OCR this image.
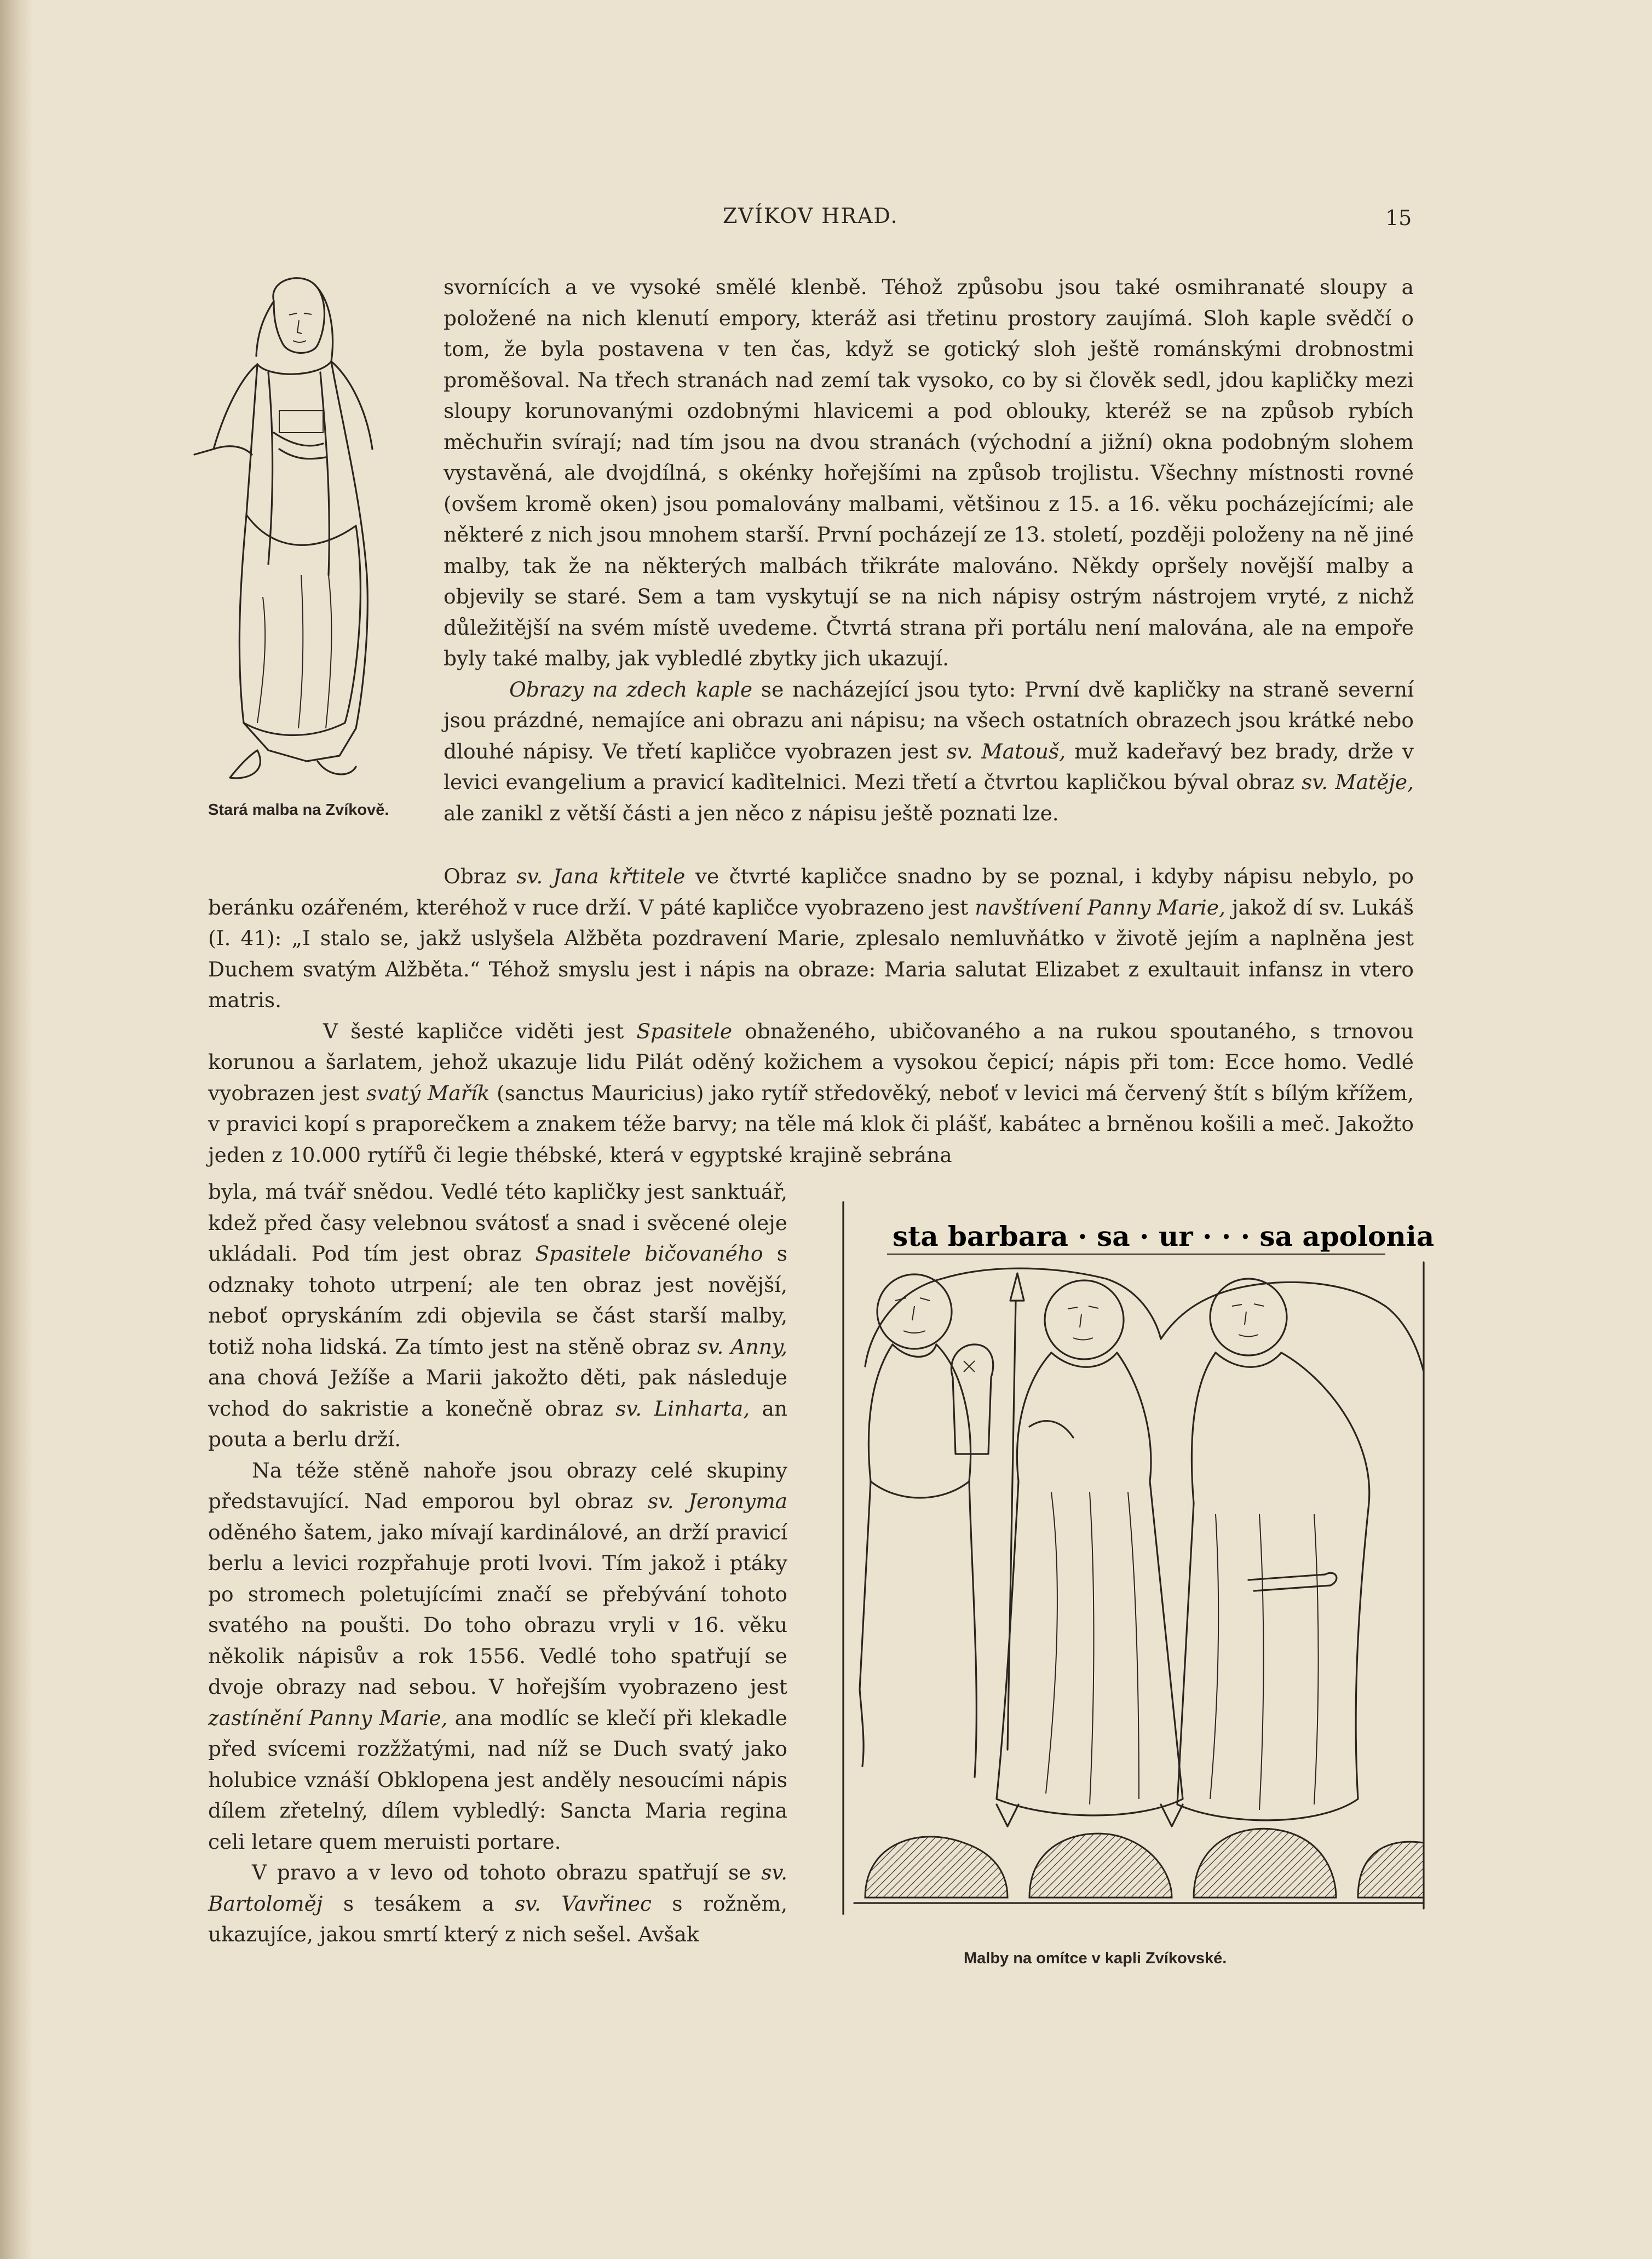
ZVÍKOV HRAD.	15
Stará malba na Zvíkově.

svornících a ve vysoké smělé klenbě. Téhož způsobu jsou také osmihranaté sloupy a položené na nich klenutí empory, kteráž asi třetinu prostory zaujímá. Sloh kaple svědčí o tom, že byla postavena v ten čas, když se gotický sloh ještě románskými drobnostmi proměšoval. Na třech stranách nad zemí tak vysoko, co by si člověk sedl, jdou kapličky mezi sloupy korunovanými ozdobnými hlavicemi a pod oblouky, kteréž se na způsob rybích měchuřin svírají; nad tím jsou na dvou stranách (východní a jižní) okna podobným slohem vystavěná, ale dvojdílná, s okénky hořejšími na způsob trojlistu. Všechny místnosti rovné (ovšem kromě oken) jsou pomalovány malbami, většinou z 15. a 16. věku pocházejícími; ale některé z nich jsou mnohem starší. První pocházejí ze 13. století, později položeny na ně jiné malby, tak že na některých malbách třikráte malováno. Někdy opršely novější malby a objevily se staré. Sem a tam vyskytují se na nich nápisy ostrým nástrojem vryté, z nichž důležitější na svém místě uvedeme. Čtvrtá strana při portálu není malována, ale na empoře byly také malby, jak vybledlé zbytky jich ukazují.

Obrazy na zdech kaple se nacházející jsou tyto: První dvě kapličky na straně severní jsou prázdné, nemajíce ani obrazu ani nápisu; na všech ostatních obrazech jsou krátké nebo dlouhé nápisy. Ve třetí kapličce vyobrazen jest sv. Matouš, muž kadeřavý bez brady, drže v levici evangelium a pravicí kadi̇̀telnici. Mezi třetí a čtvrtou kapličkou býval obraz sv. Matěje, ale zanikl z větší části a jen něco z nápisu ještě poznati lze.

Obraz sv. Jana křtitele ve čtvrté kapličce snadno by se poznal, i kdyby nápisu nebylo, po beránku ozářeném, kteréhož v ruce drží. V páté kapličce vyobrazeno jest navštívení Panny Marie, jakož dí sv. Lukáš (I. 41): „I stalo se, jakž uslyšela Alžběta pozdravení Marie, zplesalo nemluvňátko v životě jejím a naplněna jest Duchem svatým Alžběta.“ Téhož smyslu jest i nápis na obraze: Maria salutat Elizabet z exultauit infansz in vtero matris.

V šesté kapličce viděti jest Spasitele obnaženého, ubičovaného a na rukou spoutaného, s trnovou korunou a šarlatem, jehož ukazuje lidu Pilát oděný kožichem a vysokou čepicí; nápis při tom: Ecce homo. Vedlé vyobrazen jest svatý Mařík (sanctus Mauricius) jako rytíř středověký, neboť v levici má červený štít s bílým křížem, v pravici kopí s praporečkem a znakem téže barvy; na těle má klok či plášť, kabátec a brněnou košili a meč. Jakožto jeden z 10.000 rytířů či legie thébské, která v egyptské krajině sebrána

byla, má tvář snědou. Vedlé této kapličky jest sanktuář, kdež před časy velebnou svátosť a snad i svěcené oleje ukládali. Pod tím jest obraz Spasitele bičovaného s odznaky tohoto utrpení; ale ten obraz jest novější, neboť opryskáním zdi objevila se část starší malby, totiž noha lidská. Za tímto jest na stěně obraz sv. Anny, ana chová Ježíše a Marii jakožto děti, pak následuje vchod do sakristie a konečně obraz sv. Linharta, an pouta a berlu drží.

Na téže stěně nahoře jsou obrazy celé skupiny představující. Nad emporou byl obraz sv. Jeronyma oděného šatem, jako mívají kardinálové, an drží pravicí berlu a levici rozpřahuje proti lvovi. Tím jakož i ptáky po stromech poletujícími značí se přebývání tohoto svatého na poušti. Do toho obrazu vryli v 16. věku několik nápisův a rok 1556. Vedlé toho spatřují se dvoje obrazy nad sebou. V hořejším vyobrazeno jest zastínění Panny Marie, ana modlíc se klečí při klekadle před svícemi rozžžatými, nad níž se Duch svatý jako holubice vznáší Obklopena jest anděly nesoucími nápis dílem zřetelný, dílem vybledlý: Sancta Maria regina celi letare quem meruisti portare.

V pravo a v levo od tohoto obrazu spatřují se sv. Bartoloměj s tesákem a sv. Vavřinec s rožněm, ukazujíce, jakou smrtí který z nich sešel. Avšak

sta barbara · sa · ur · · · sa apolonia
Malby na omítce v kapli Zvíkovské.
